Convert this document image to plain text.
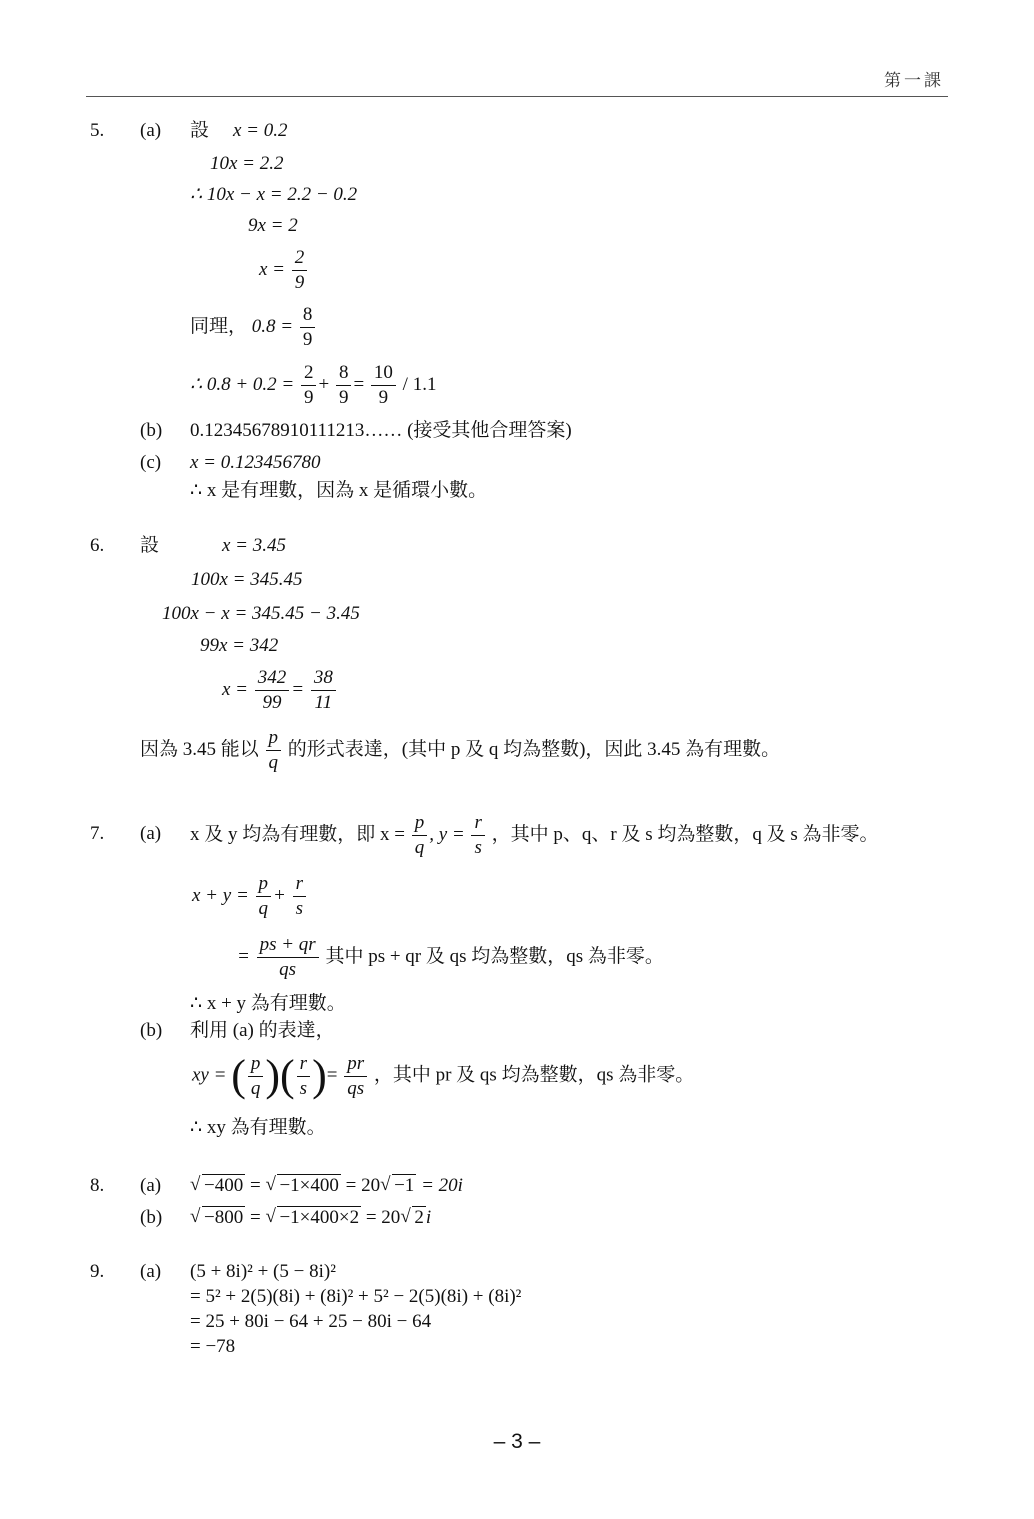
第一課
5. (a) 設 x = 0.2
10x = 2.2
∴ 10x − x = 2.2 − 0.2
9x = 2
$x = \frac{2}{9}$
同理， $0.8 = \frac{8}{9}$
∴ $0.8 + 0.2 = \frac{2}{9} + \frac{8}{9} = \frac{10}{9} / 1.1$
(b) 0.12345678910111213…… (接受其他合理答案)
(c) x = 0.123456780
∴ x 是有理數，因為 x 是循環小數。
6. 設	x = 3.45
100x = 345.45
100x − x = 345.45 − 3.45
99x = 342
$x = \frac{342}{99} = \frac{38}{11}$
因為 3.45 能以 $\frac{p}{q}$ 的形式表達，(其中 p 及 q 均為整數)，因此 3.45 為有理數。
7. (a) x 及 y 均為有理數，即 $x = \frac{p}{q}$ , $y = \frac{r}{s}$ ，其中 p、q、r 及 s 均為整數，q 及 s 為非零。
$x + y = \frac{p}{q} + \frac{r}{s}$
= $\frac{ps + qr}{qs}$ 其中 ps + qr 及 qs 均為整數，qs 為非零。
∴ x + y 為有理數。
(b) 利用 (a) 的表達，
xy = ( $\frac{p}{q}$ )( $\frac{r}{s}$ )= $\frac{pr}{qs}$ ，其中 pr 及 qs 均為整數，qs 為非零。
∴ xy 為有理數。
8. (a)	√ −400 = √ −1×400 = 20 √ −1 = 20i
(b)	√ −800 = √ −1×400×2 = 20 √ 2 i
9. (a) (5 + 8i)² + (5 − 8i)²
= 5² + 2(5)(8i) + (8i)² + 5² − 2(5)(8i) + (8i)²
= 25 + 80i − 64 + 25 − 80i − 64
= −78
– 3 –
